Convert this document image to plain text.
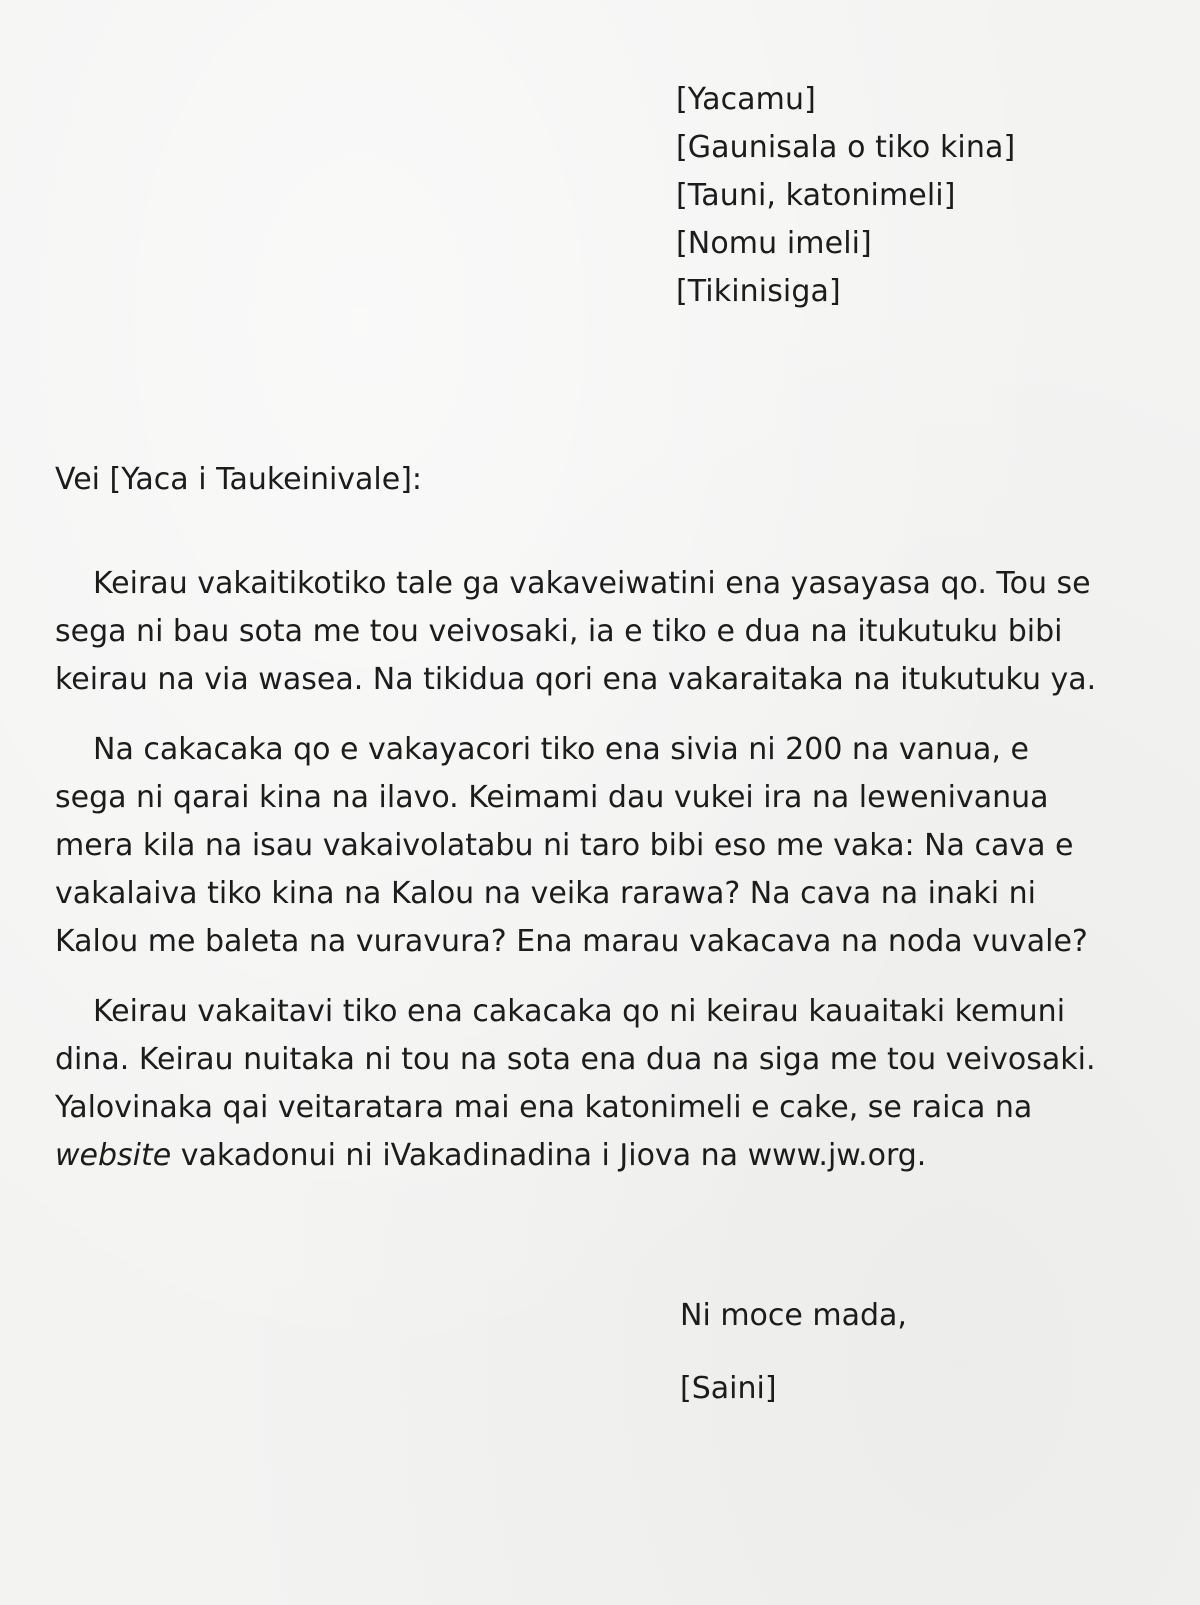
[Yacamu]
[Gaunisala o tiko kina]
[Tauni, katonimeli]
[Nomu imeli]
[Tikinisiga]
Vei [Yaca i Taukeinivale]:

Keirau vakaitikotiko tale ga vakaveiwatini ena yasayasa qo. Tou se
sega ni bau sota me tou veivosaki, ia e tiko e dua na itukutuku bibi
keirau na via wasea. Na tikidua qori ena vakaraitaka na itukutuku ya.

Na cakacaka qo e vakayacori tiko ena sivia ni 200 na vanua, e
sega ni qarai kina na ilavo. Keimami dau vukei ira na lewenivanua
mera kila na isau vakaivolatabu ni taro bibi eso me vaka: Na cava e
vakalaiva tiko kina na Kalou na veika rarawa? Na cava na inaki ni
Kalou me baleta na vuravura? Ena marau vakacava na noda vuvale?

Keirau vakaitavi tiko ena cakacaka qo ni keirau kauaitaki kemuni
dina. Keirau nuitaka ni tou na sota ena dua na siga me tou veivosaki.
Yalovinaka qai veitaratara mai ena katonimeli e cake, se raica na
website vakadonui ni iVakadinadina i Jiova na www.jw.org.

Ni moce mada,
[Saini]
